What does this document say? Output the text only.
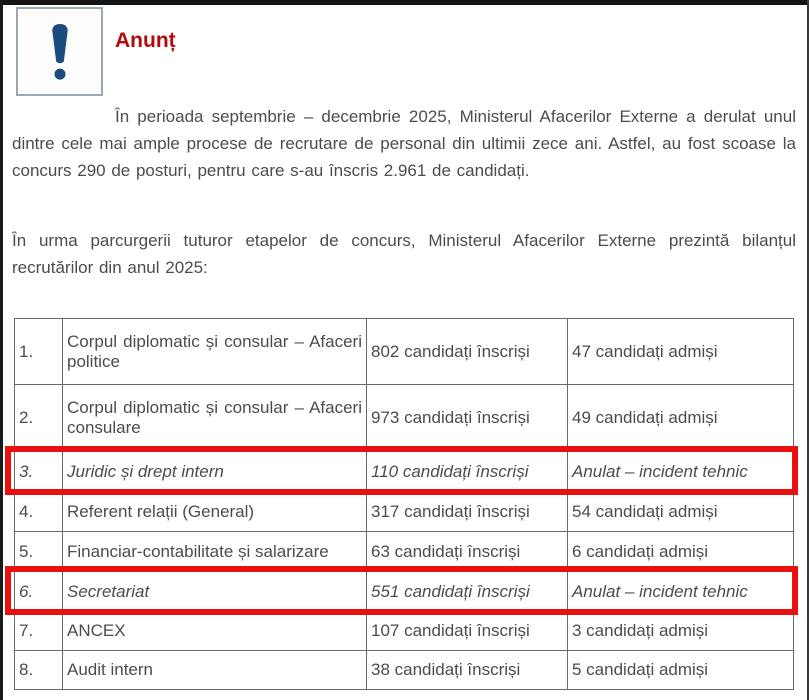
Anunț

În perioada septembrie – decembrie 2025, Ministerul Afacerilor Externe a derulat unul dintre cele mai ample procese de recrutare de personal din ultimii zece ani. Astfel, au fost scoase la concurs 290 de posturi, pentru care s-au înscris 2.961 de candidați.

În urma parcurgerii tuturor etapelor de concurs, Ministerul Afacerilor Externe prezintă bilanțul recrutărilor din anul 2025:

1.	Corpul diplomatic și consular – Afaceri politice	802 candidați înscriși	47 candidați admiși
2.	Corpul diplomatic și consular – Afaceri consulare	973 candidați înscriși	49 candidați admiși
3.	Juridic și drept intern	110 candidați înscriși	Anulat – incident tehnic
4.	Referent relații (General)	317 candidați înscriși	54 candidați admiși
5.	Financiar-contabilitate și salarizare	63 candidați înscriși	6 candidați admiși
6.	Secretariat	551 candidați înscriși	Anulat – incident tehnic
7.	ANCEX	107 candidați înscriși	3 candidați admiși
8.	Audit intern	38 candidați înscriși	5 candidați admiși
